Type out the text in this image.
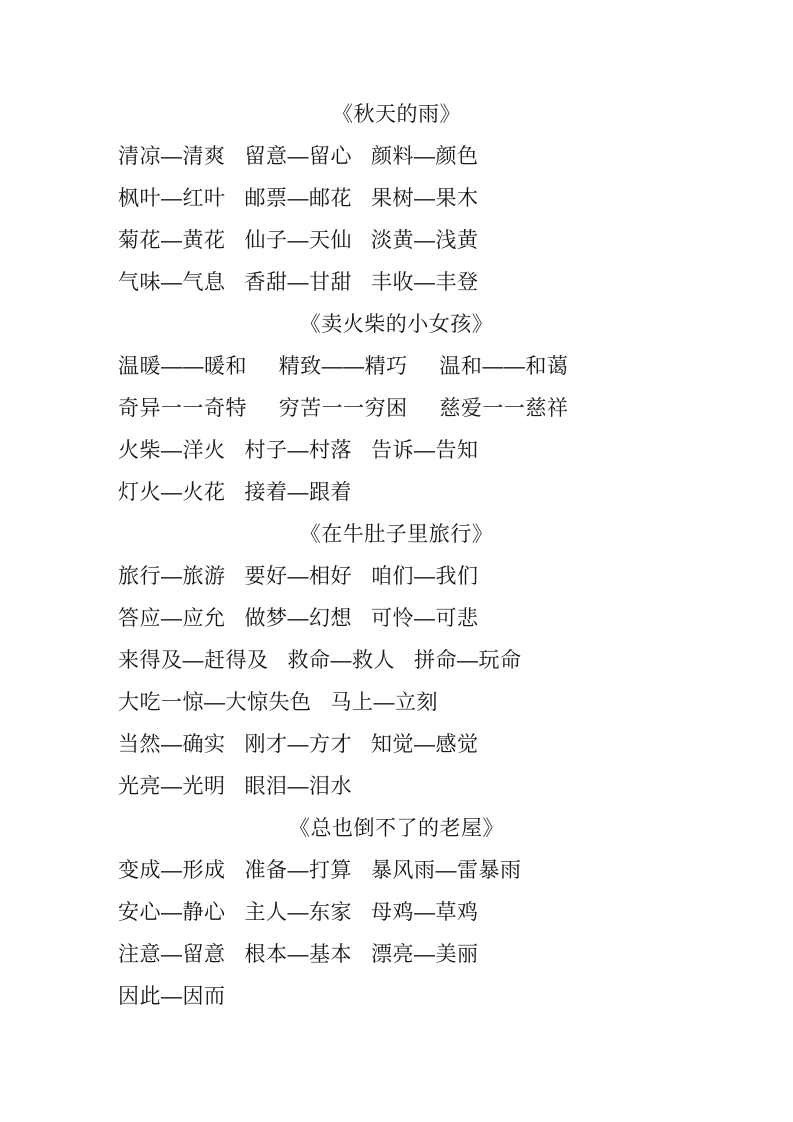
《秋天的雨》
清凉—清爽   留意—留心   颜料—颜色
枫叶—红叶   邮票—邮花   果树—果木
菊花—黄花   仙子—天仙   淡黄—浅黄
气味—气息   香甜—甘甜   丰收—丰登
《卖火柴的小女孩》
温暖——暖和     精致——精巧     温和——和蔼
奇异一一奇特     穷苦一一穷困     慈爱一一慈祥
火柴—洋火   村子—村落   告诉—告知
灯火—火花   接着—跟着
《在牛肚子里旅行》
旅行—旅游   要好—相好   咱们—我们
答应—应允   做梦—幻想   可怜—可悲
来得及—赶得及   救命—救人   拼命—玩命
大吃一惊—大惊失色   马上—立刻
当然—确实   刚才—方才   知觉—感觉
光亮—光明   眼泪—泪水
《总也倒不了的老屋》
变成—形成   准备—打算   暴风雨—雷暴雨
安心—静心   主人—东家   母鸡—草鸡
注意—留意   根本—基本   漂亮—美丽
因此—因而
